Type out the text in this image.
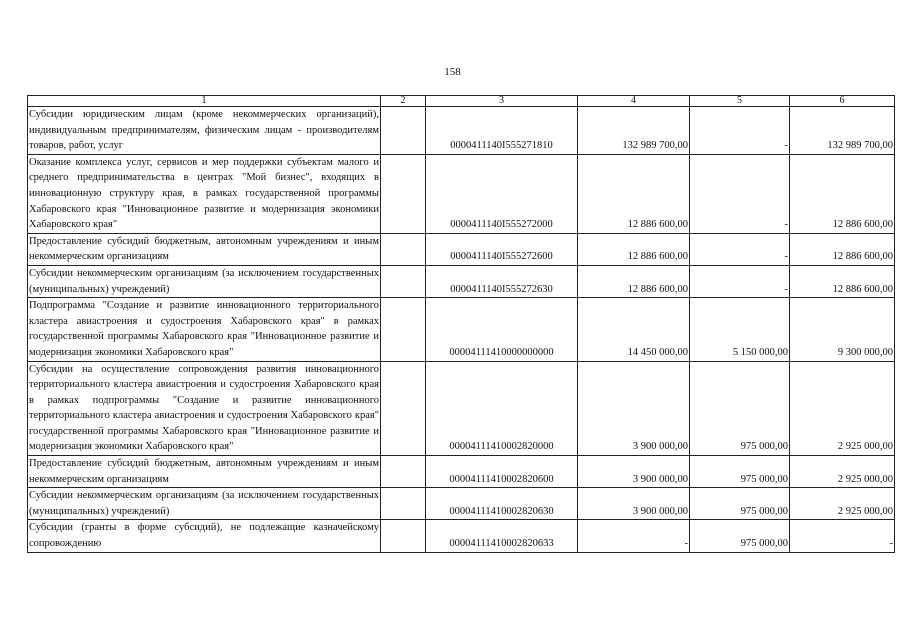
158
1	2	3	4	5	6
Субсидии юридическим лицам (кроме некоммерческих организаций), индивидуальным предпринимателям, физическим лицам - производителям товаров, работ, услуг		0000411140I555271810	132 989 700,00	-	132 989 700,00
Оказание комплекса услуг, сервисов и мер поддержки субъектам малого и среднего предпринимательства в центрах "Мой бизнес", входящих в инновационную структуру края, в рамках государственной программы Хабаровского края "Инновационное развитие и модернизация экономики Хабаровского края"		0000411140I555272000	12 886 600,00	-	12 886 600,00
Предоставление субсидий бюджетным, автономным учреждениям и иным некоммерческим организациям		0000411140I555272600	12 886 600,00	-	12 886 600,00
Субсидии некоммерческим организациям (за исключением государственных (муниципальных) учреждений)		0000411140I555272630	12 886 600,00	-	12 886 600,00
Подпрограмма "Создание и развитие инновационного территориального кластера авиастроения и судостроения Хабаровского края" в рамках государственной программы Хабаровского края "Инновационное развитие и модернизация экономики Хабаровского края"		00004111410000000000	14 450 000,00	5 150 000,00	9 300 000,00
Субсидии на осуществление сопровождения развития инновационного территориального кластера авиастроения и судостроения Хабаровского края в рамках подпрограммы "Создание и развитие инновационного территориального кластера авиастроения и судостроения Хабаровского края" государственной программы Хабаровского края "Инновационное развитие и модернизация экономики Хабаровского края"		00004111410002820000	3 900 000,00	975 000,00	2 925 000,00
Предоставление субсидий бюджетным, автономным учреждениям и иным некоммерческим организациям		00004111410002820600	3 900 000,00	975 000,00	2 925 000,00
Субсидии некоммерческим организациям (за исключением государственных (муниципальных) учреждений)		00004111410002820630	3 900 000,00	975 000,00	2 925 000,00
Субсидии (гранты в форме субсидий), не подлежащие казначейскому сопровождению		00004111410002820633	-	975 000,00	-
